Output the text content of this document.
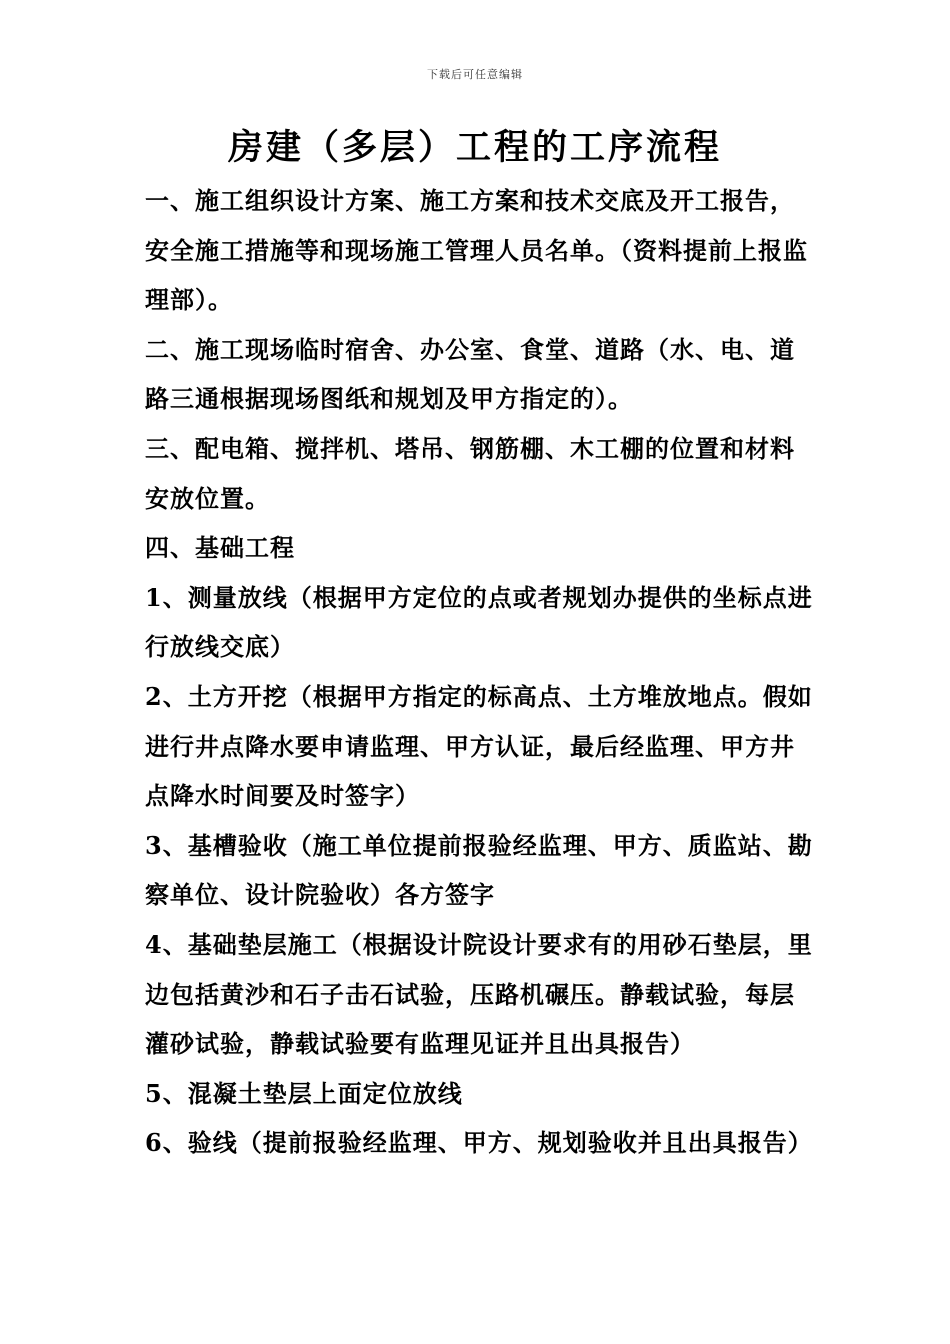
下载后可任意编辑
房建（多层）工程的工序流程

一、施工组织设计方案、施工方案和技术交底及开工报告，安全施工措施等和现场施工管理人员名单。（资料提前上报监理部）。

二、施工现场临时宿舍、办公室、食堂、道路（水、电、道路三通根据现场图纸和规划及甲方指定的）。

三、配电箱、搅拌机、塔吊、钢筋棚、木工棚的位置和材料安放位置。

四、基础工程

1、测量放线（根据甲方定位的点或者规划办提供的坐标点进行放线交底）

2、土方开挖（根据甲方指定的标高点、土方堆放地点。假如进行井点降水要申请监理、甲方认证，最后经监理、甲方井点降水时间要及时签字）

3、基槽验收（施工单位提前报验经监理、甲方、质监站、勘察单位、设计院验收）各方签字

4、基础垫层施工（根据设计院设计要求有的用砂石垫层，里边包括黄沙和石子击石试验，压路机碾压。静载试验，每层灌砂试验，静载试验要有监理见证并且出具报告）

5、混凝土垫层上面定位放线

6、验线（提前报验经监理、甲方、规划验收并且出具报告）
